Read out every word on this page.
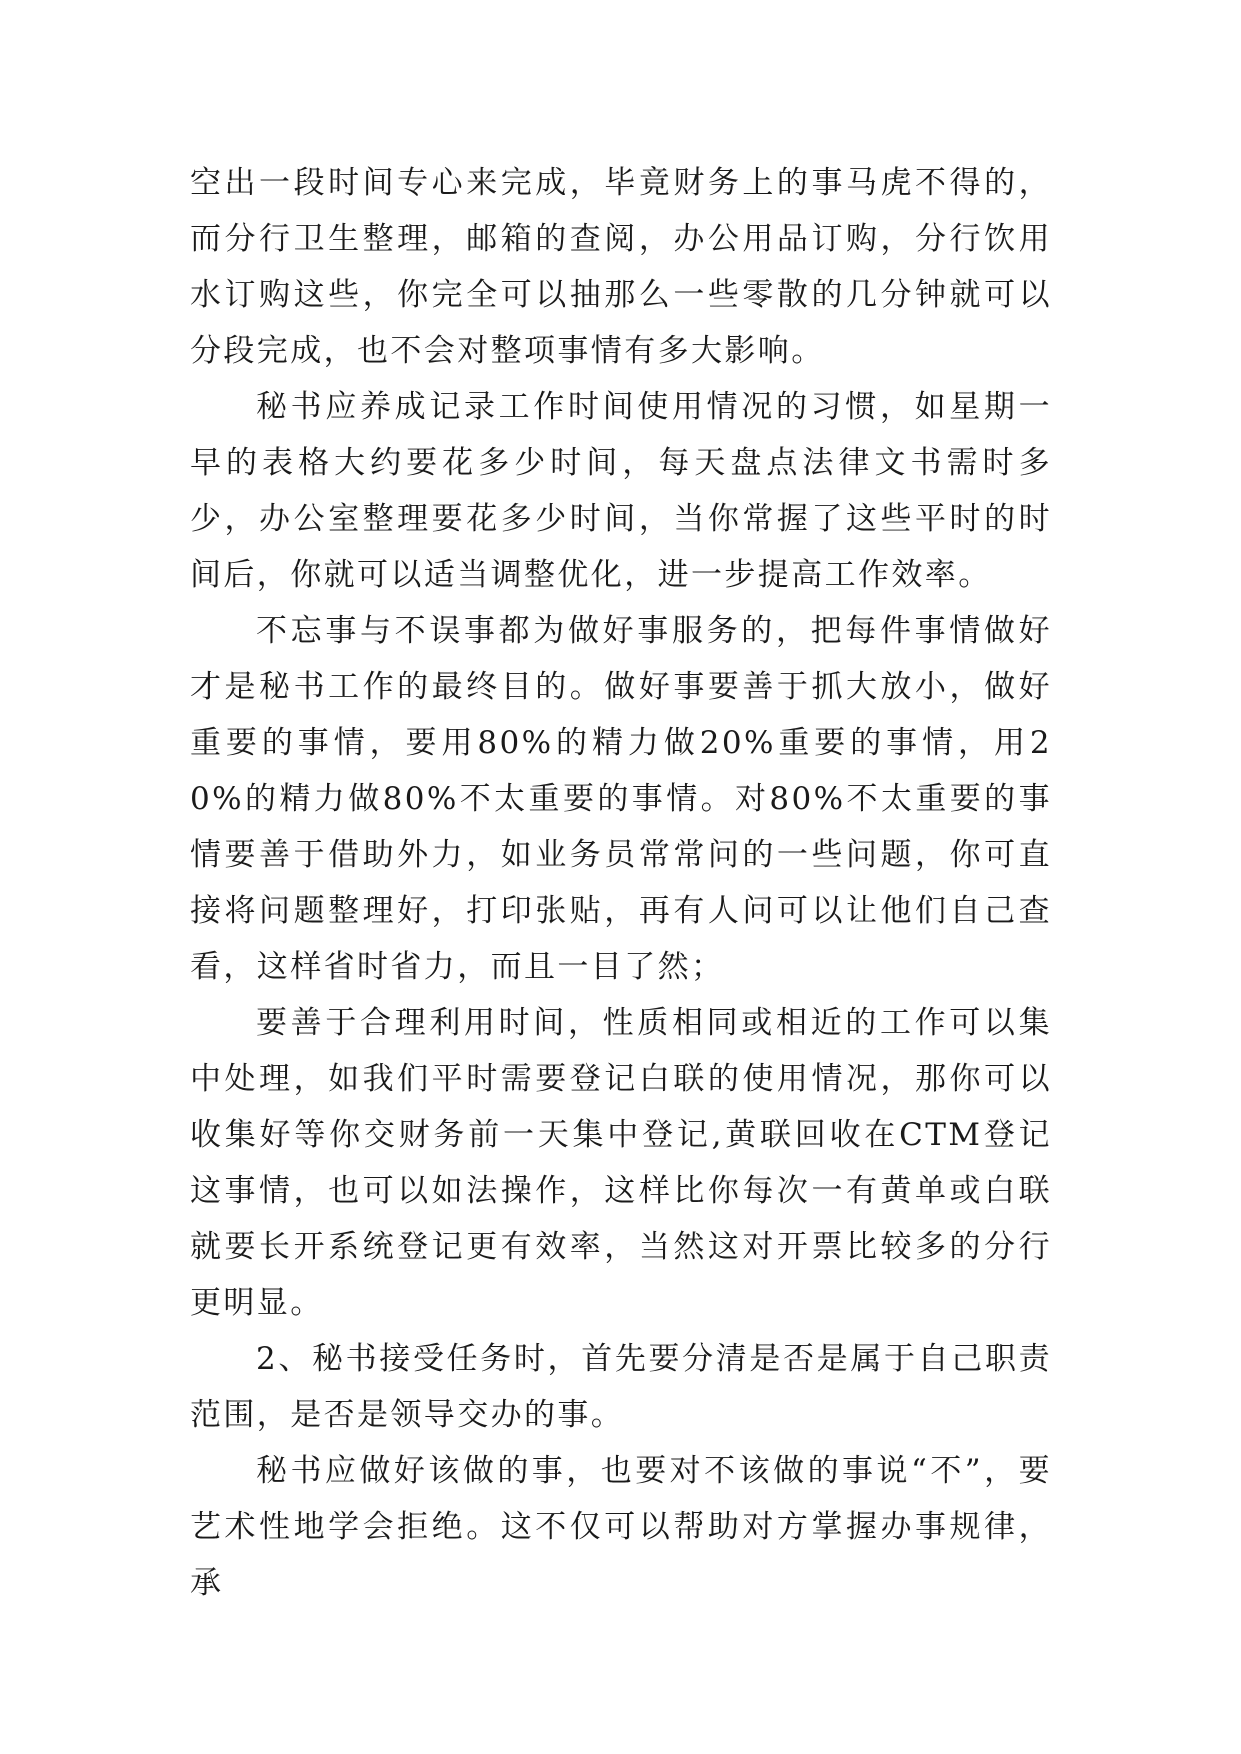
空出一段时间专心来完成，毕竟财务上的事马虎不得的，而分行卫生整理，邮箱的查阅，办公用品订购，分行饮用水订购这些，你完全可以抽那么一些零散的几分钟就可以分段完成，也不会对整项事情有多大影响。

秘书应养成记录工作时间使用情况的习惯，如星期一早的表格大约要花多少时间，每天盘点法律文书需时多少，办公室整理要花多少时间，当你常握了这些平时的时间后，你就可以适当调整优化，进一步提高工作效率。

不忘事与不误事都为做好事服务的，把每件事情做好才是秘书工作的最终目的。做好事要善于抓大放小，做好重要的事情，要用80%的精力做20%重要的事情，用20%的精力做80%不太重要的事情。对80%不太重要的事情要善于借助外力，如业务员常常问的一些问题，你可直接将问题整理好，打印张贴，再有人问可以让他们自己查看，这样省时省力，而且一目了然；

要善于合理利用时间，性质相同或相近的工作可以集中处理，如我们平时需要登记白联的使用情况，那你可以收集好等你交财务前一天集中登记,黄联回收在CTM登记这事情，也可以如法操作，这样比你每次一有黄单或白联就要长开系统登记更有效率，当然这对开票比较多的分行更明显。

2、秘书接受任务时，首先要分清是否是属于自己职责范围，是否是领导交办的事。

秘书应做好该做的事，也要对不该做的事说“不”，要艺术性地学会拒绝。这不仅可以帮助对方掌握办事规律，承
